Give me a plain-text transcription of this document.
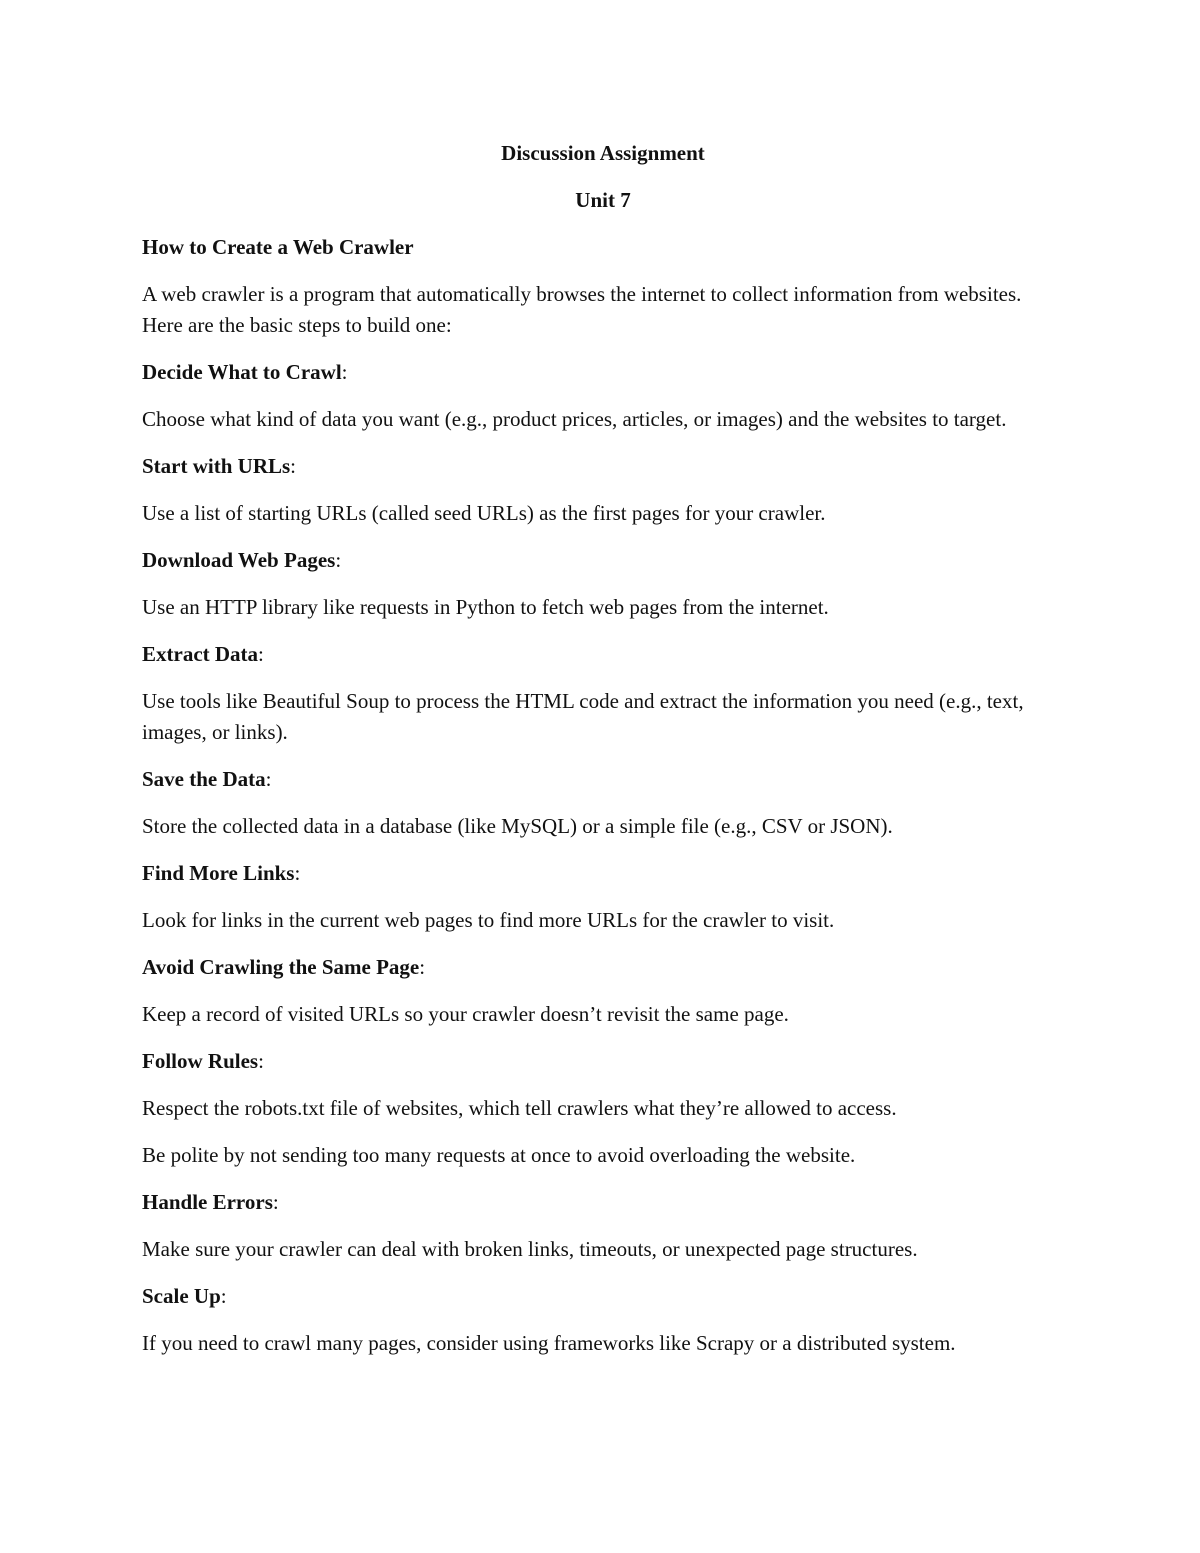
Discussion Assignment
Unit 7
How to Create a Web Crawler
A web crawler is a program that automatically browses the internet to collect information from websites. Here are the basic steps to build one:
Decide What to Crawl:
Choose what kind of data you want (e.g., product prices, articles, or images) and the websites to target.
Start with URLs:
Use a list of starting URLs (called seed URLs) as the first pages for your crawler.
Download Web Pages:
Use an HTTP library like requests in Python to fetch web pages from the internet.
Extract Data:
Use tools like Beautiful Soup to process the HTML code and extract the information you need (e.g., text, images, or links).
Save the Data:
Store the collected data in a database (like MySQL) or a simple file (e.g., CSV or JSON).
Find More Links:
Look for links in the current web pages to find more URLs for the crawler to visit.
Avoid Crawling the Same Page:
Keep a record of visited URLs so your crawler doesn’t revisit the same page.
Follow Rules:
Respect the robots.txt file of websites, which tell crawlers what they’re allowed to access.
Be polite by not sending too many requests at once to avoid overloading the website.
Handle Errors:
Make sure your crawler can deal with broken links, timeouts, or unexpected page structures.
Scale Up:
If you need to crawl many pages, consider using frameworks like Scrapy or a distributed system.
